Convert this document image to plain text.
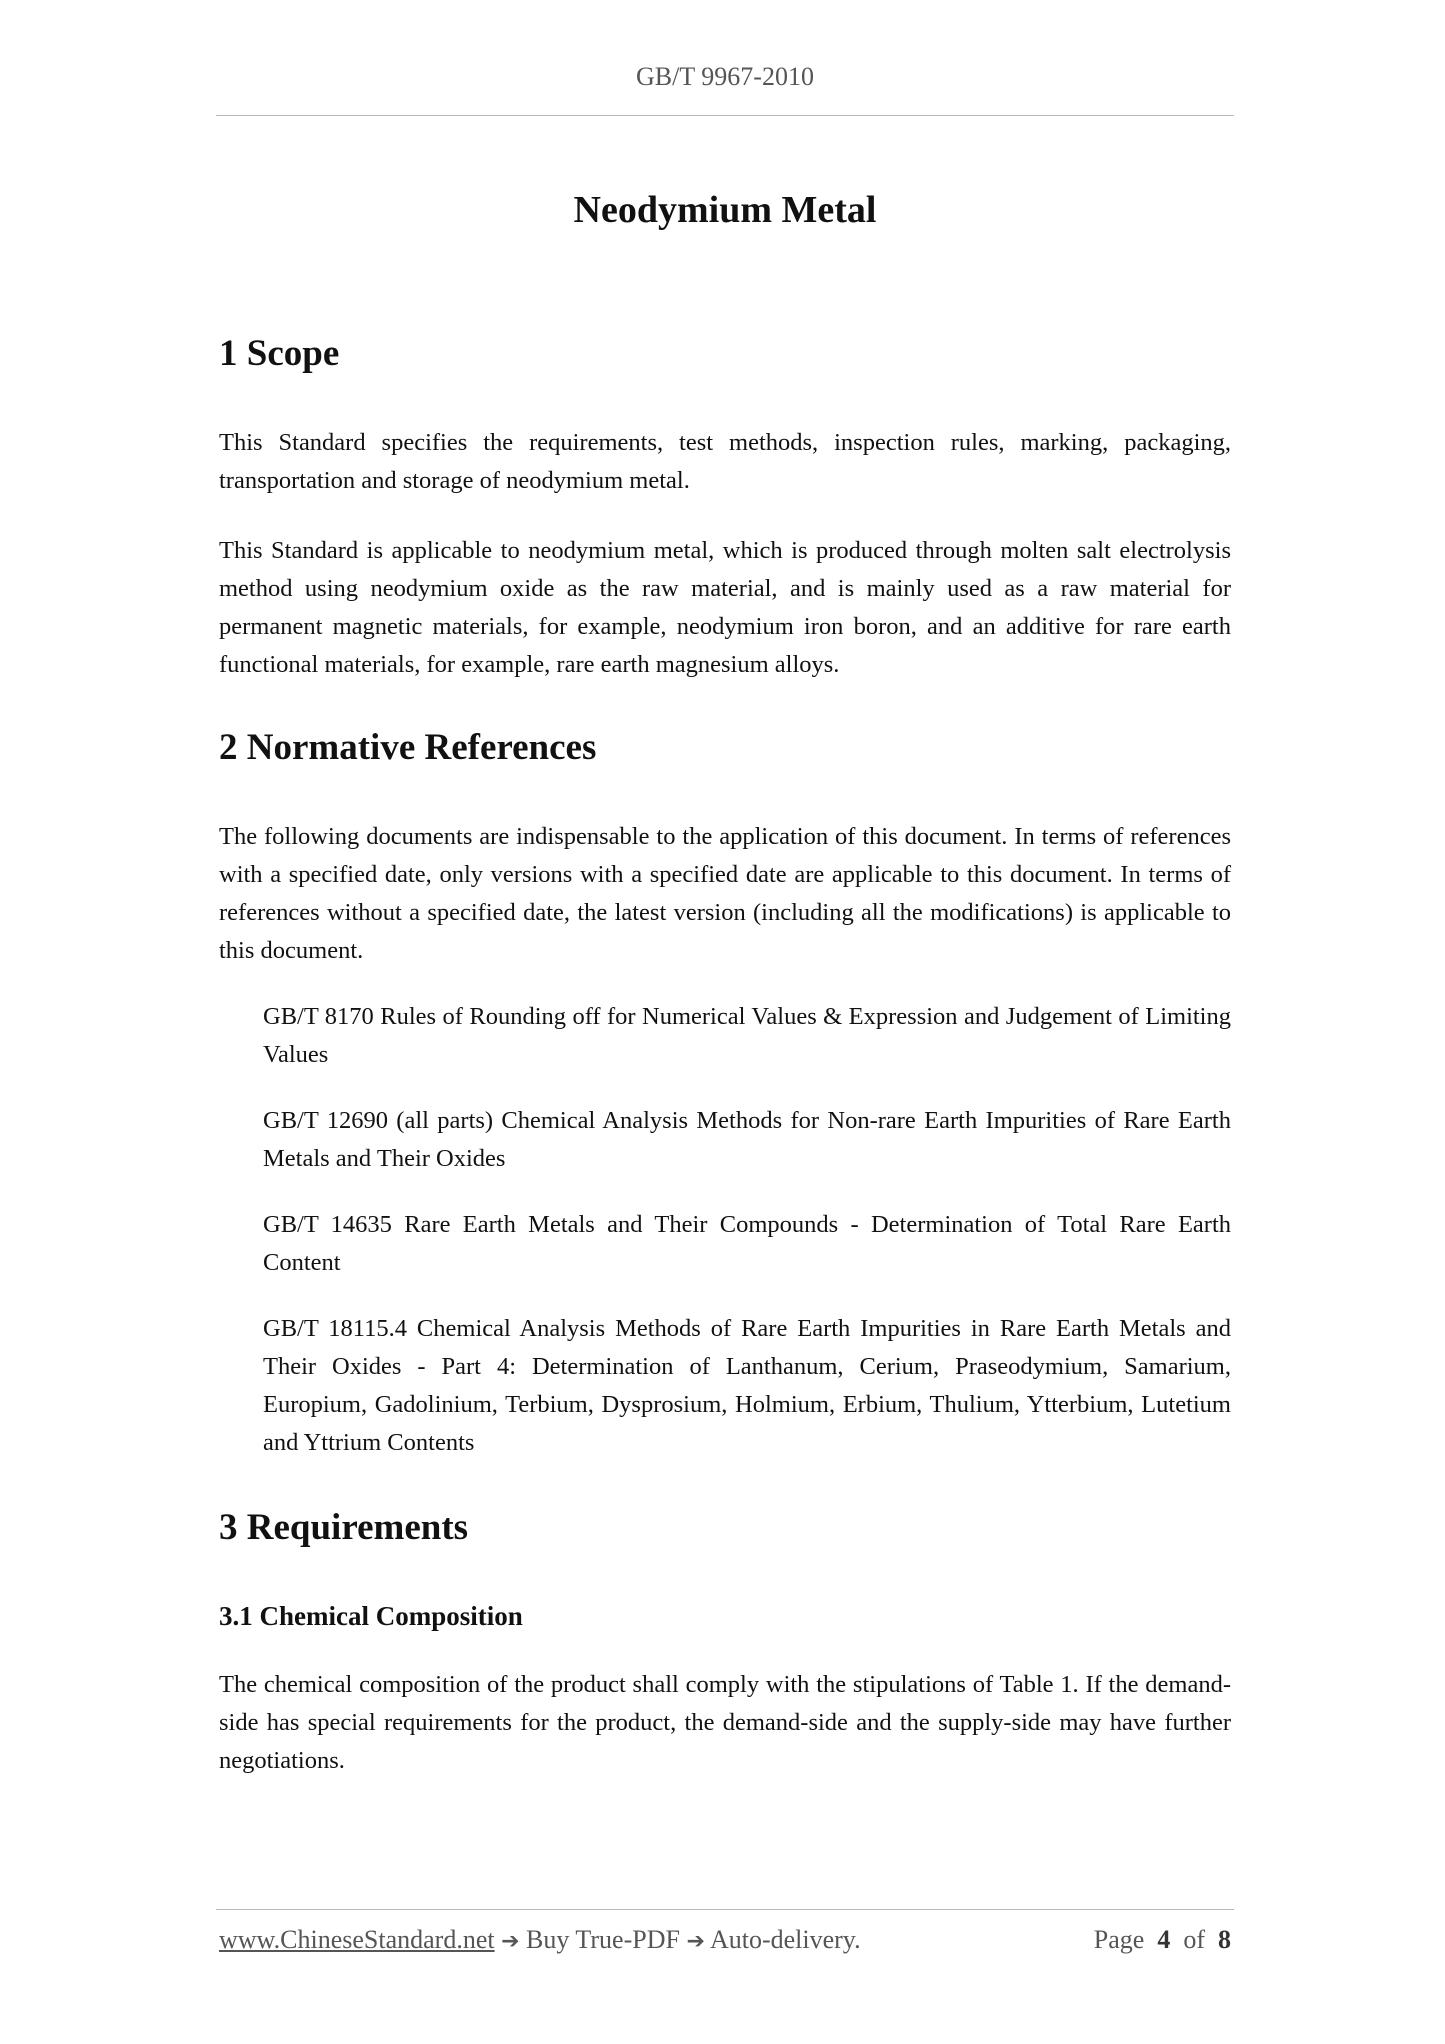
GB/T 9967-2010
Neodymium Metal
1 Scope

This Standard specifies the requirements, test methods, inspection rules, marking, packaging, transportation and storage of neodymium metal.

This Standard is applicable to neodymium metal, which is produced through molten salt electrolysis method using neodymium oxide as the raw material, and is mainly used as a raw material for permanent magnetic materials, for example, neodymium iron boron, and an additive for rare earth functional materials, for example, rare earth magnesium alloys.

2 Normative References

The following documents are indispensable to the application of this document. In terms of references with a specified date, only versions with a specified date are applicable to this document. In terms of references without a specified date, the latest version (including all the modifications) is applicable to this document.

GB/T 8170 Rules of Rounding off for Numerical Values & Expression and Judgement of Limiting Values

GB/T 12690 (all parts) Chemical Analysis Methods for Non-rare Earth Impurities of Rare Earth Metals and Their Oxides

GB/T 14635 Rare Earth Metals and Their Compounds - Determination of Total Rare Earth Content

GB/T 18115.4 Chemical Analysis Methods of Rare Earth Impurities in Rare Earth Metals and Their Oxides - Part 4: Determination of Lanthanum, Cerium, Praseodymium, Samarium, Europium, Gadolinium, Terbium, Dysprosium, Holmium, Erbium, Thulium, Ytterbium, Lutetium and Yttrium Contents

3 Requirements
3.1 Chemical Composition

The chemical composition of the product shall comply with the stipulations of Table 1. If the demand-side has special requirements for the product, the demand-side and the supply-side may have further negotiations.

www.ChineseStandard.net ➔ Buy True-PDF ➔ Auto-delivery.	Page 4 of 8
